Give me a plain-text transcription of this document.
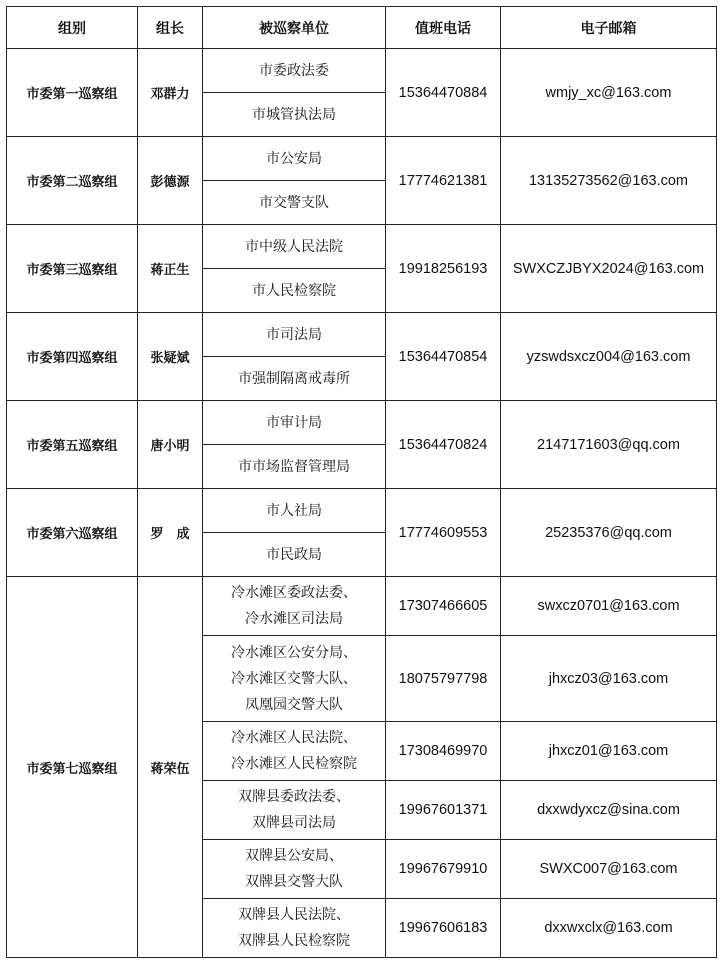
组别	组长	被巡察单位	值班电话	电子邮箱
市委第一巡察组	邓群力	市委政法委	15364470884	wmjy_xc@163.com
		市城管执法局		
市委第二巡察组	彭德源	市公安局	17774621381	13135273562@163.com
		市交警支队		
市委第三巡察组	蒋正生	市中级人民法院	19918256193	SWXCZJBYX2024@163.com
		市人民检察院		
市委第四巡察组	张疑斌	市司法局	15364470854	yzswdsxcz004@163.com
		市强制隔离戒毒所		
市委第五巡察组	唐小明	市审计局	15364470824	2147171603@qq.com
		市市场监督管理局		
市委第六巡察组	罗　成	市人社局	17774609553	25235376@qq.com
		市民政局		
市委第七巡察组	蒋荣伍	冷水滩区委政法委、
冷水滩区司法局	17307466605	swxcz0701@163.com

		冷水滩区公安分局、
冷水滩区交警大队、
凤凰园交警大队	18075797798	jhxcz03@163.com

		冷水滩区人民法院、
冷水滩区人民检察院	17308469970	jhxcz01@163.com

		双牌县委政法委、
双牌县司法局	19967601371	dxxwdyxcz@sina.com

		双牌县公安局、
双牌县交警大队	19967679910	SWXC007@163.com

		双牌县人民法院、
双牌县人民检察院	19967606183	dxxwxclx@163.com
